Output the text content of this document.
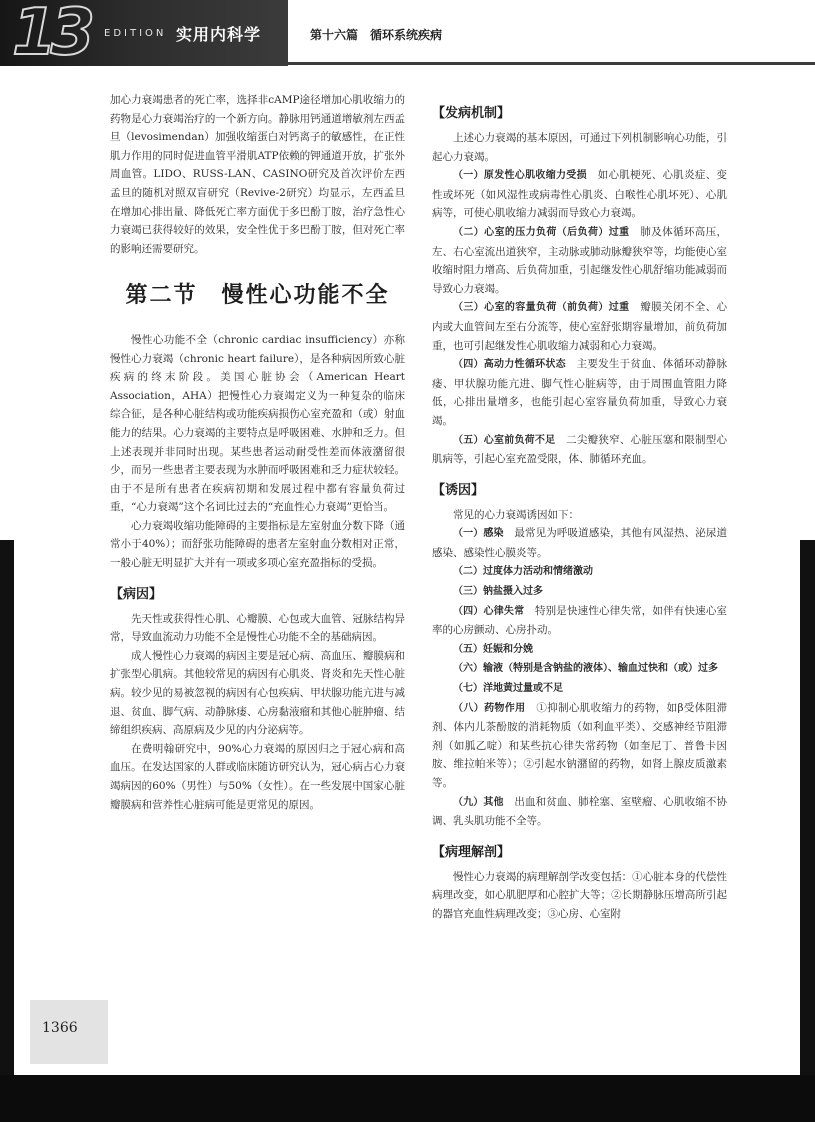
13	EDITION 实用内科学	第十六篇　循环系统疾病

加心力衰竭患者的死亡率，选择非cAMP途径增加心肌收缩力的药物是心力衰竭治疗的一个新方向。静脉用钙通道增敏剂左西孟旦（levosimendan）加强收缩蛋白对钙离子的敏感性，在正性肌力作用的同时促进血管平滑肌ATP依赖的钾通道开放，扩张外周血管。LIDO、RUSS-LAN、CASINO研究及首次评价左西孟旦的随机对照双盲研究（Revive-2研究）均显示，左西孟旦在增加心排出量、降低死亡率方面优于多巴酚丁胺，治疗急性心力衰竭已获得较好的效果，安全性优于多巴酚丁胺，但对死亡率的影响还需要研究。

第二节　慢性心功能不全

慢性心功能不全（chronic cardiac insufficiency）亦称慢性心力衰竭（chronic heart failure），是各种病因所致心脏疾病的终末阶段。美国心脏协会（American Heart Association，AHA）把慢性心力衰竭定义为一种复杂的临床综合征，是各种心脏结构或功能疾病损伤心室充盈和（或）射血能力的结果。心力衰竭的主要特点是呼吸困难、水肿和乏力。但上述表现并非同时出现。某些患者运动耐受性差而体液潴留很少，而另一些患者主要表现为水肿而呼吸困难和乏力症状较轻。由于不是所有患者在疾病初期和发展过程中都有容量负荷过重，“心力衰竭”这个名词比过去的“充血性心力衰竭”更恰当。

心力衰竭收缩功能障碍的主要指标是左室射血分数下降（通常小于40%）；而舒张功能障碍的患者左室射血分数相对正常，一般心脏无明显扩大并有一项或多项心室充盈指标的受损。

【病因】

先天性或获得性心肌、心瓣膜、心包或大血管、冠脉结构异常，导致血流动力功能不全是慢性心功能不全的基础病因。

成人慢性心力衰竭的病因主要是冠心病、高血压、瓣膜病和扩张型心肌病。其他较常见的病因有心肌炎、肾炎和先天性心脏病。较少见的易被忽视的病因有心包疾病、甲状腺功能亢进与减退、贫血、脚气病、动静脉瘘、心房黏液瘤和其他心脏肿瘤、结缔组织疾病、高原病及少见的内分泌病等。

在费明翰研究中，90%心力衰竭的原因归之于冠心病和高血压。在发达国家的人群或临床随访研究认为，冠心病占心力衰竭病因的60%（男性）与50%（女性）。在一些发展中国家心脏瓣膜病和营养性心脏病可能是更常见的原因。

【发病机制】

上述心力衰竭的基本原因，可通过下列机制影响心功能，引起心力衰竭。

（一）原发性心肌收缩力受损　如心肌梗死、心肌炎症、变性或坏死（如风湿性或病毒性心肌炎、白喉性心肌坏死）、心肌病等，可使心肌收缩力减弱而导致心力衰竭。

（二）心室的压力负荷（后负荷）过重　肺及体循环高压，左、右心室流出道狭窄，主动脉或肺动脉瓣狭窄等，均能使心室收缩时阻力增高、后负荷加重，引起继发性心肌舒缩功能减弱而导致心力衰竭。

（三）心室的容量负荷（前负荷）过重　瓣膜关闭不全、心内或大血管间左至右分流等，使心室舒张期容量增加，前负荷加重，也可引起继发性心肌收缩力减弱和心力衰竭。

（四）高动力性循环状态　主要发生于贫血、体循环动静脉瘘、甲状腺功能亢进、脚气性心脏病等，由于周围血管阻力降低，心排出量增多，也能引起心室容量负荷加重，导致心力衰竭。

（五）心室前负荷不足　二尖瓣狭窄、心脏压塞和限制型心肌病等，引起心室充盈受限，体、肺循环充血。

【诱因】

常见的心力衰竭诱因如下：

（一）感染　最常见为呼吸道感染，其他有风湿热、泌尿道感染、感染性心膜炎等。

（二）过度体力活动和情绪激动

（三）钠盐摄入过多

（四）心律失常　特别是快速性心律失常，如伴有快速心室率的心房颤动、心房扑动。

（五）妊娠和分娩

（六）输液（特别是含钠盐的液体）、输血过快和（或）过多

（七）洋地黄过量或不足

（八）药物作用　①抑制心肌收缩力的药物，如β受体阻滞剂、体内儿茶酚胺的消耗物质（如利血平类）、交感神经节阻滞剂（如胍乙啶）和某些抗心律失常药物（如奎尼丁、普鲁卡因胺、维拉帕米等）；②引起水钠潴留的药物，如肾上腺皮质激素等。

（九）其他　出血和贫血、肺栓塞、室壁瘤、心肌收缩不协调、乳头肌功能不全等。

【病理解剖】

慢性心力衰竭的病理解剖学改变包括：①心脏本身的代偿性病理改变，如心肌肥厚和心腔扩大等；②长期静脉压增高所引起的器官充血性病理改变；③心房、心室附

1366
